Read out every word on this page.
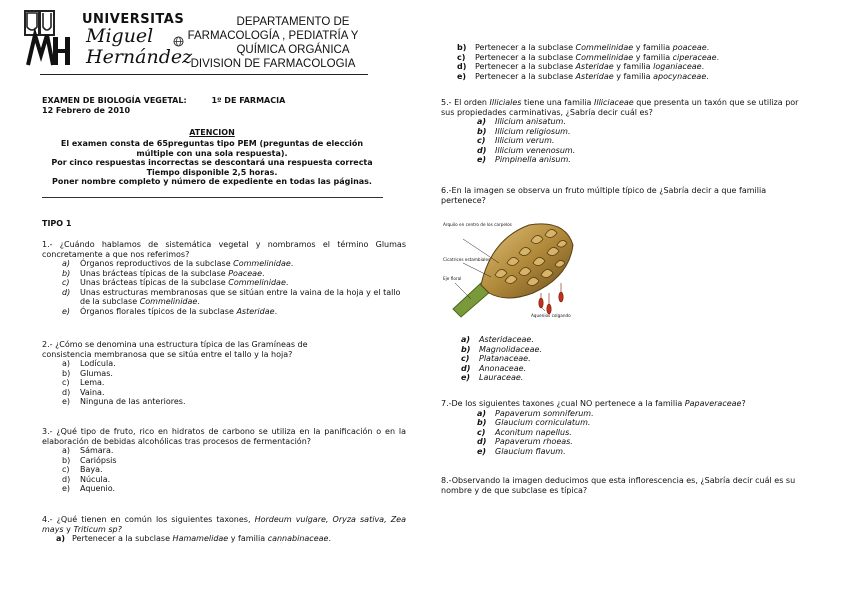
UNIVERSITAS
Miguel
Hernández
DEPARTAMENTO DE
FARMACOLOGÍA , PEDIATRÍA Y
QUÍMICA ORGÁNICA
DIVISION DE FARMACOLOGIA
EXAMEN DE BIOLOGÍA VEGETAL:	1º DE FARMACIA
12 Febrero de 2010
ATENCION
El examen consta de 65preguntas tipo PEM (preguntas de elección múltiple con una sola respuesta).
Por cinco respuestas incorrectas se descontará una respuesta correcta
Tiempo disponible 2,5 horas.
Poner nombre completo y número de expediente en todas las páginas.
TIPO 1
1.- ¿Cuándo hablamos de sistemática vegetal y nombramos el término Glumas concretamente a que nos referimos?
a) Órganos reproductivos de la subclase Commelinidae.
b) Unas brácteas típicas de la subclase Poaceae.
c) Unas brácteas típicas de la subclase Commelinidae.
d) Unas estructuras membranosas que se sitúan entre la vaina de la hoja y el tallo de la subclase Commelinidae.
e) Órganos florales típicos de la subclase Asteridae.
2.- ¿Cómo se denomina una estructura típica de las Gramíneas de consistencia membranosa que se sitúa entre el tallo y la hoja?
a) Lodícula.
b) Glumas.
c) Lema.
d) Vaina.
e) Ninguna de las anteriores.
3.- ¿Qué tipo de fruto, rico en hidratos de carbono se utiliza en la panificación o en la elaboración de bebidas alcohólicas tras procesos de fermentación?
a) Sámara.
b) Cariópsis
c) Baya.
d) Núcula.
e) Aquenio.
4.- ¿Qué tienen en común los siguientes taxones, Hordeum vulgare, Oryza sativa, Zea mays y Triticum sp?
a) Pertenecer a la subclase Hamamelidae y familia cannabinaceae.
b) Pertenecer a la subclase Commelinidae y familia poaceae.
c) Pertenecer a la subclase Commelinidae y familia ciperaceae.
d) Pertenecer a la subclase Asteridae y familia loganiaceae.
e) Pertenecer a la subclase Asteridae y familia apocynaceae.
5.- El orden Illiciales tiene una familia Illiciaceae que presenta un taxón que se utiliza por sus propiedades carminativas, ¿Sabría decir cuál es?
a) Illicium anisatum.
b) Illicium religiosum.
c) Illicium verum.
d) Illicium venenosum.
e) Pimpinella anisum.
6.-En la imagen se observa un fruto múltiple típico de ¿Sabría decir a que familia pertenece?
Arquilo en centro de los carpelos
Cicatrices estambiales
Eje floral
Aquenios colgando
a) Asteridaceae.
b) Magnolidaceae.
c) Platanaceae.
d) Anonaceae.
e) Lauraceae.
7.-De los siguientes taxones ¿cual NO pertenece a la familia Papaveraceae?
a) Papaverum somniferum.
b) Glaucium corniculatum.
c) Aconitum napellus.
d) Papaverum rhoeas.
e) Glaucium flavum.
8.-Observando la imagen deducimos que esta inflorescencia es, ¿Sabría decir cuál es su nombre y de que subclase es típica?
